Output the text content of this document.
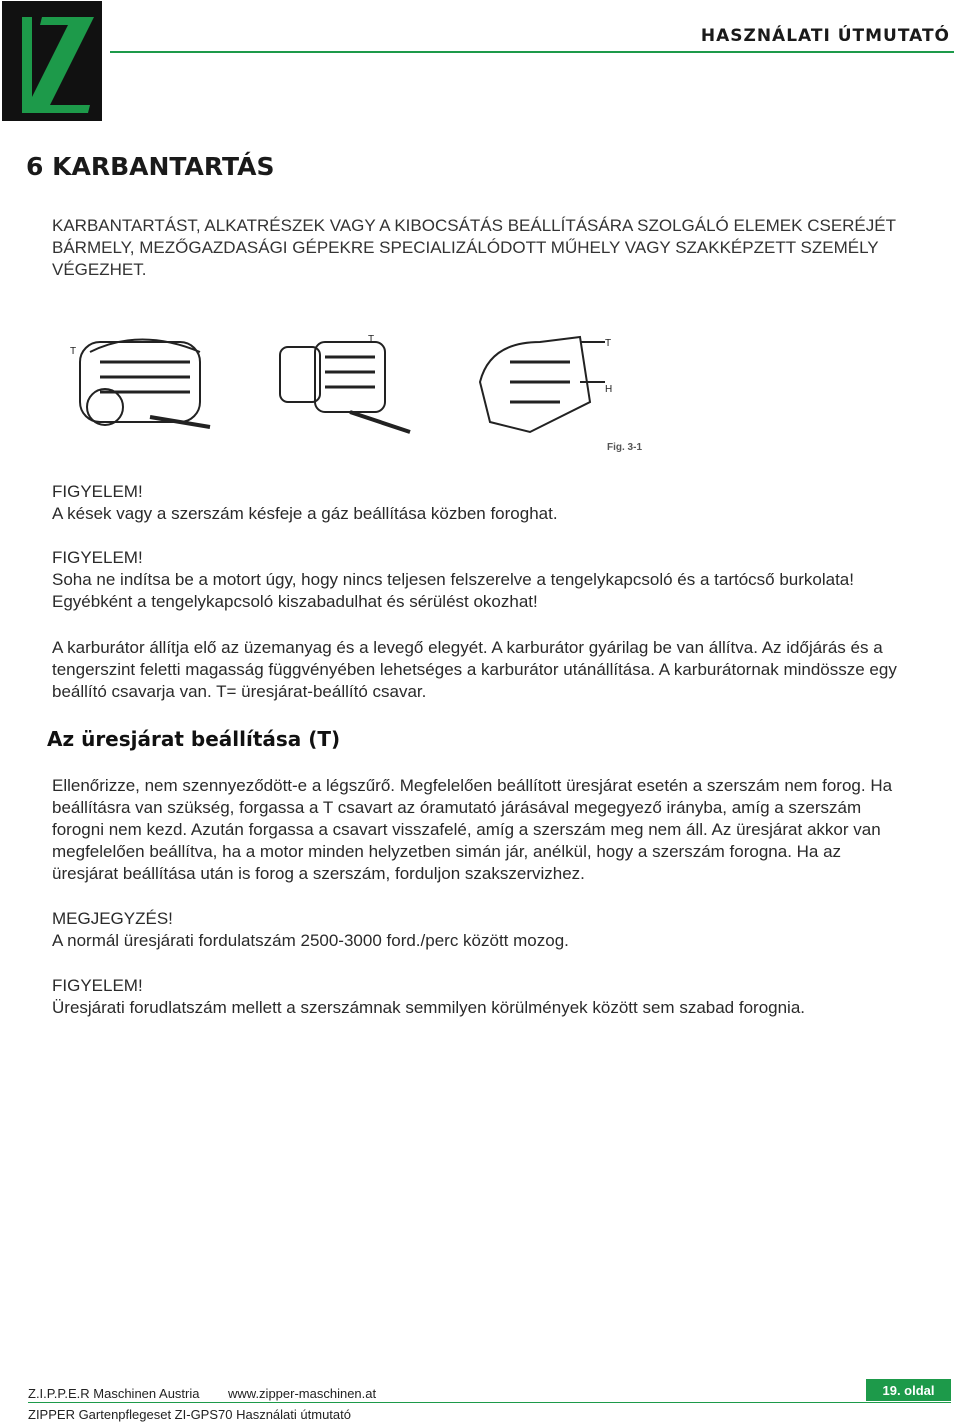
HASZNÁLATI ÚTMUTATÓ
6 KARBANTARTÁS

KARBANTARTÁST, ALKATRÉSZEK VAGY A KIBOCSÁTÁS BEÁLLÍTÁSÁRA SZOLGÁLÓ ELEMEK CSERÉJÉT BÁRMELY, MEZŐGAZDASÁGI GÉPEKRE SPECIALIZÁLÓDOTT MŰHELY VAGY SZAKKÉPZETT SZEMÉLY VÉGEZHET.

T
T	T
H
Fig. 3-1

FIGYELEM!

A kések vagy a szerszám késfeje a gáz beállítása közben foroghat.

FIGYELEM!

Soha ne indítsa be a motort úgy, hogy nincs teljesen felszerelve a tengelykapcsoló és a tartócső burkolata! Egyébként a tengelykapcsoló kiszabadulhat és sérülést okozhat!

A karburátor állítja elő az üzemanyag és a levegő elegyét. A karburátor gyárilag be van állítva. Az időjárás és a tengerszint feletti magasság függvényében lehetséges a karburátor utánállítása. A karburátornak mindössze egy beállító csavarja van. T= üresjárat-beállító csavar.

Az üresjárat beállítása (T)

Ellenőrizze, nem szennyeződött-e a légszűrő. Megfelelően beállított üresjárat esetén a szerszám nem forog. Ha beállításra van szükség, forgassa a T csavart az óramutató járásával megegyező irányba, amíg a szerszám forogni nem kezd. Azután forgassa a csavart visszafelé, amíg a szerszám meg nem áll. Az üresjárat akkor van megfelelően beállítva, ha a motor minden helyzetben simán jár, anélkül, hogy a szerszám forogna. Ha az üresjárat beállítása után is forog a szerszám, forduljon szakszervizhez.

MEGJEGYZÉS!

A normál üresjárati fordulatszám 2500-3000 ford./perc között mozog.

FIGYELEM!

Üresjárati forudlatszám mellett a szerszámnak semmilyen körülmények között sem szabad forognia.

Z.I.P.P.E.R Maschinen Austria www.zipper-maschinen.at	19. oldal
ZIPPER Gartenpflegeset ZI-GPS70 Használati útmutató
